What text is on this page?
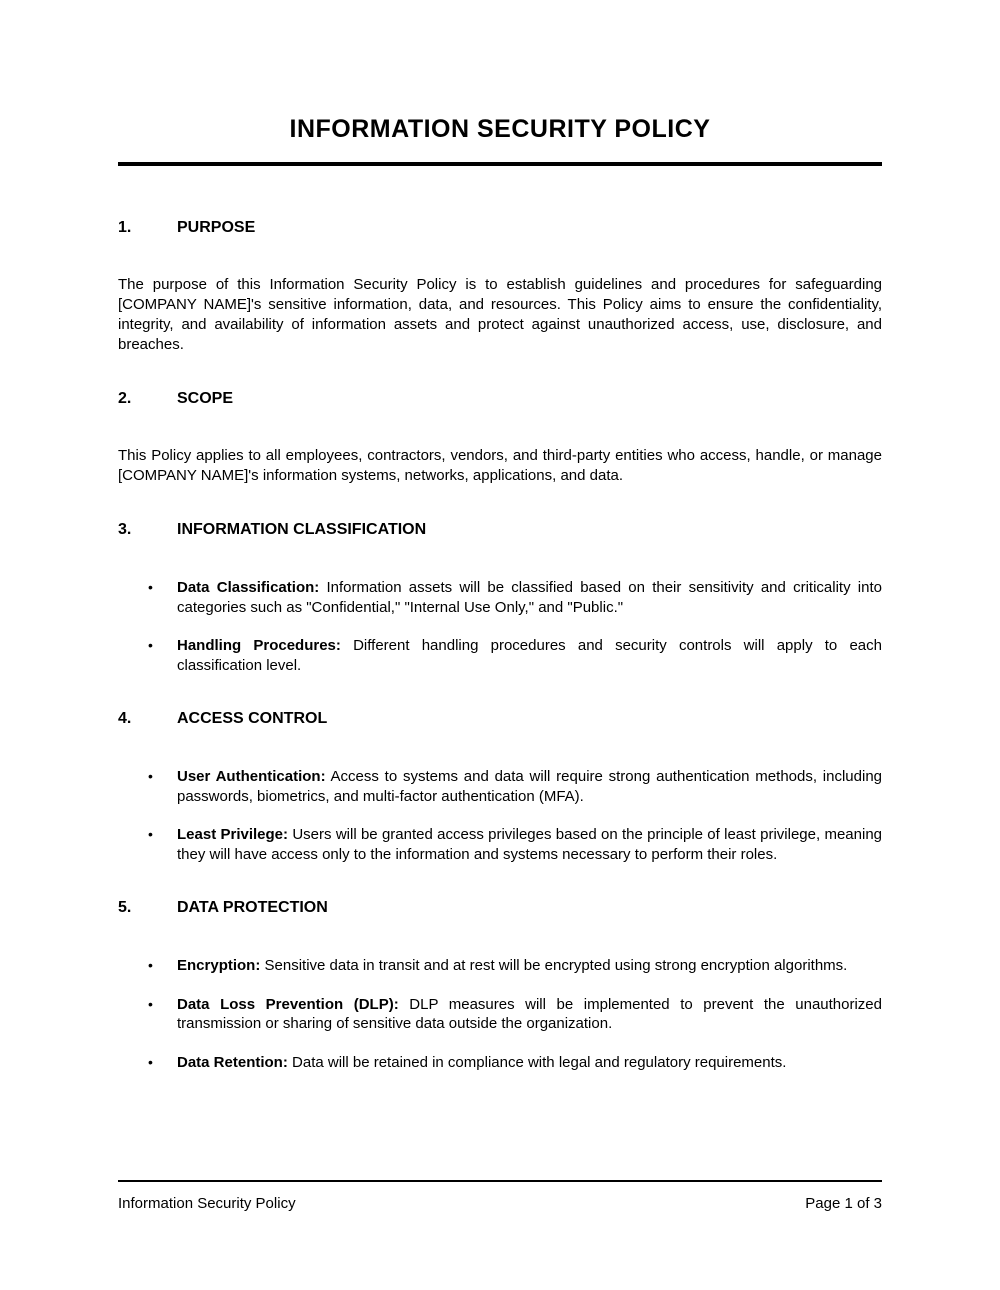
INFORMATION SECURITY POLICY
1.	PURPOSE

The purpose of this Information Security Policy is to establish guidelines and procedures for safeguarding [COMPANY NAME]'s sensitive information, data, and resources. This Policy aims to ensure the confidentiality, integrity, and availability of information assets and protect against unauthorized access, use, disclosure, and breaches.

2.	SCOPE

This Policy applies to all employees, contractors, vendors, and third-party entities who access, handle, or manage [COMPANY NAME]'s information systems, networks, applications, and data.

3.	INFORMATION CLASSIFICATION
•	Data Classification: Information assets will be classified based on their sensitivity and criticality into categories such as "Confidential," "Internal Use Only," and "Public."
•	Handling Procedures: Different handling procedures and security controls will apply to each classification level.
4.	ACCESS CONTROL
•	User Authentication: Access to systems and data will require strong authentication methods, including passwords, biometrics, and multi-factor authentication (MFA).
•	Least Privilege: Users will be granted access privileges based on the principle of least privilege, meaning they will have access only to the information and systems necessary to perform their roles.
5.	DATA PROTECTION
•	Encryption: Sensitive data in transit and at rest will be encrypted using strong encryption algorithms.
•	Data Loss Prevention (DLP): DLP measures will be implemented to prevent the unauthorized transmission or sharing of sensitive data outside the organization.
•	Data Retention: Data will be retained in compliance with legal and regulatory requirements.
Information Security Policy	Page 1 of 3
